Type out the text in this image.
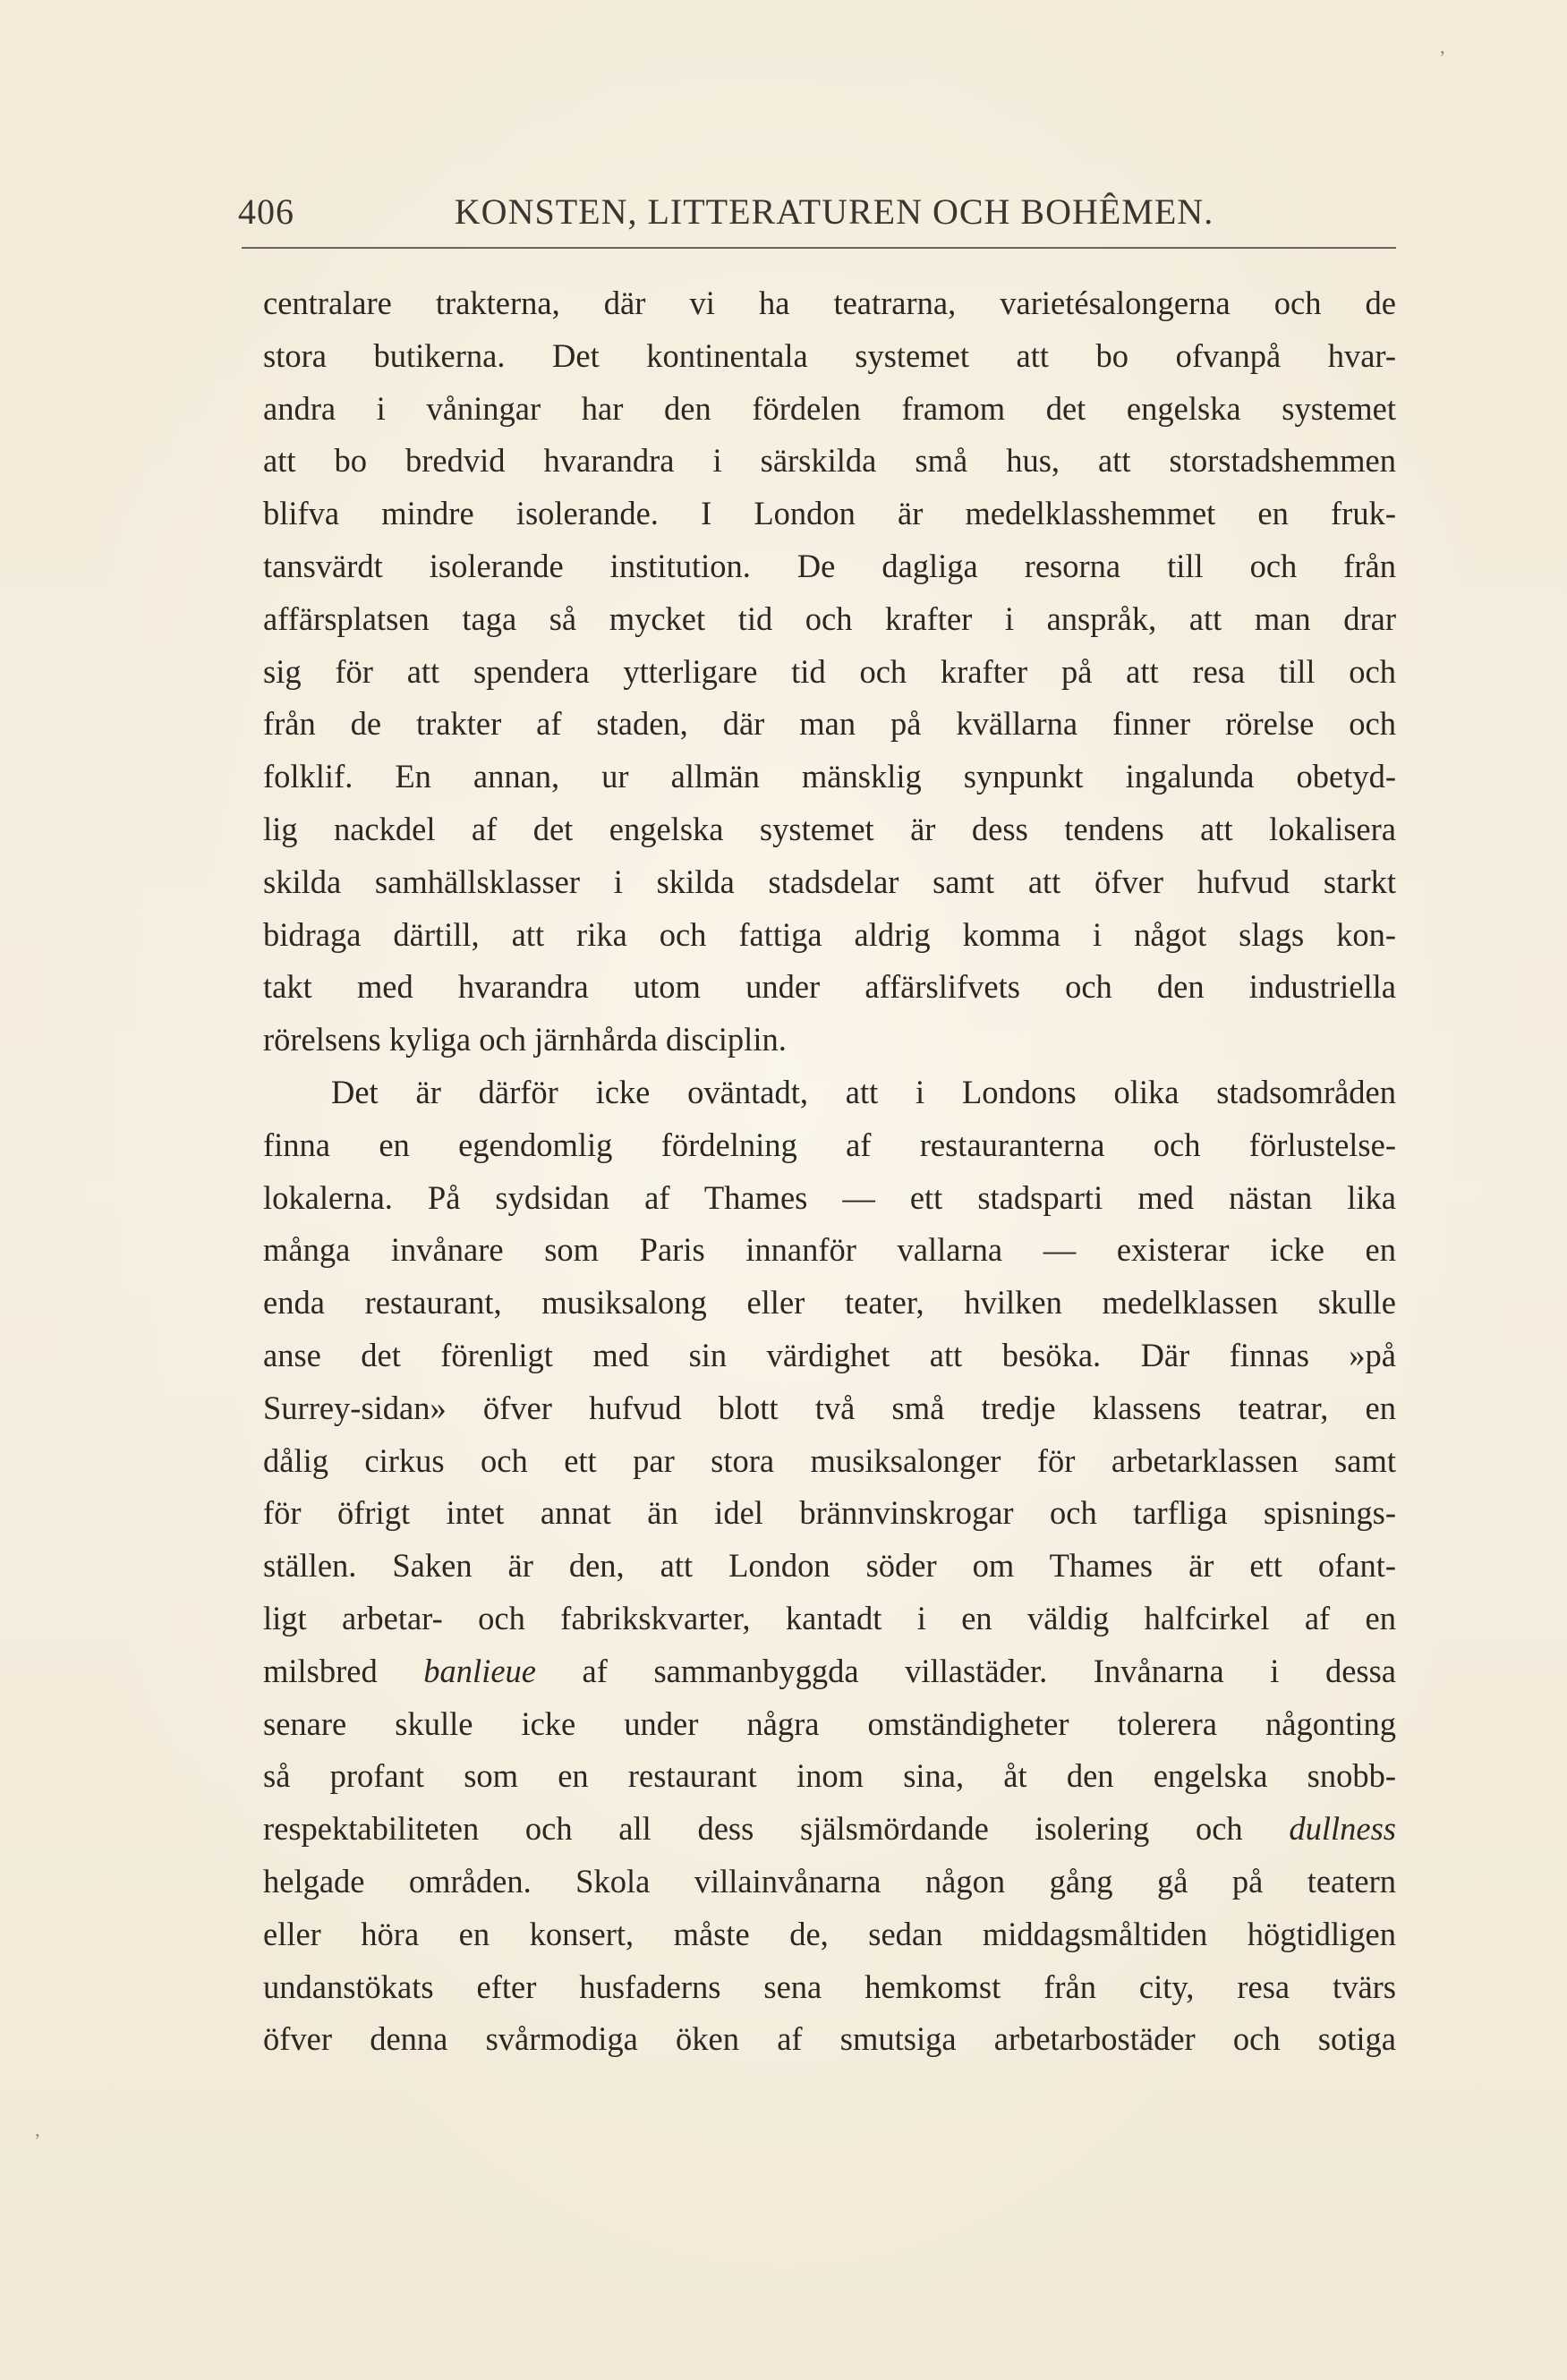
406	KONSTEN, LITTERATUREN OCH BOHÊMEN.
centralare trakterna, där vi ha teatrarna, varietésalongerna och de
stora butikerna. Det kontinentala systemet att bo ofvanpå hvar-
andra i våningar har den fördelen framom det engelska systemet
att bo bredvid hvarandra i särskilda små hus, att storstadshemmen
blifva mindre isolerande. I London är medelklasshemmet en fruk-
tansvärdt isolerande institution. De dagliga resorna till och från
affärsplatsen taga så mycket tid och krafter i anspråk, att man drar
sig för att spendera ytterligare tid och krafter på att resa till och
från de trakter af staden, där man på kvällarna finner rörelse och
folklif. En annan, ur allmän mänsklig synpunkt ingalunda obetyd-
lig nackdel af det engelska systemet är dess tendens att lokalisera
skilda samhällsklasser i skilda stadsdelar samt att öfver hufvud starkt
bidraga därtill, att rika och fattiga aldrig komma i något slags kon-
takt med hvarandra utom under affärslifvets och den industriella
rörelsens kyliga och järnhårda disciplin.
Det är därför icke oväntadt, att i Londons olika stadsområden
finna en egendomlig fördelning af restauranterna och förlustelse-
lokalerna. På sydsidan af Thames — ett stadsparti med nästan lika
många invånare som Paris innanför vallarna — existerar icke en
enda restaurant, musiksalong eller teater, hvilken medelklassen skulle
anse det förenligt med sin värdighet att besöka. Där finnas »på
Surrey-sidan» öfver hufvud blott två små tredje klassens teatrar, en
dålig cirkus och ett par stora musiksalonger för arbetarklassen samt
för öfrigt intet annat än idel brännvinskrogar och tarfliga spisnings-
ställen. Saken är den, att London söder om Thames är ett ofant-
ligt arbetar- och fabrikskvarter, kantadt i en väldig halfcirkel af en
milsbred banlieue af sammanbyggda villastäder. Invånarna i dessa
senare skulle icke under några omständigheter tolerera någonting
så profant som en restaurant inom sina, åt den engelska snobb-
respektabiliteten och all dess själsmördande isolering och dullness
helgade områden. Skola villainvånarna någon gång gå på teatern
eller höra en konsert, måste de, sedan middagsmåltiden högtidligen
undanstökats efter husfaderns sena hemkomst från city, resa tvärs
öfver denna svårmodiga öken af smutsiga arbetarbostäder och sotiga
ʼ
ʼ
